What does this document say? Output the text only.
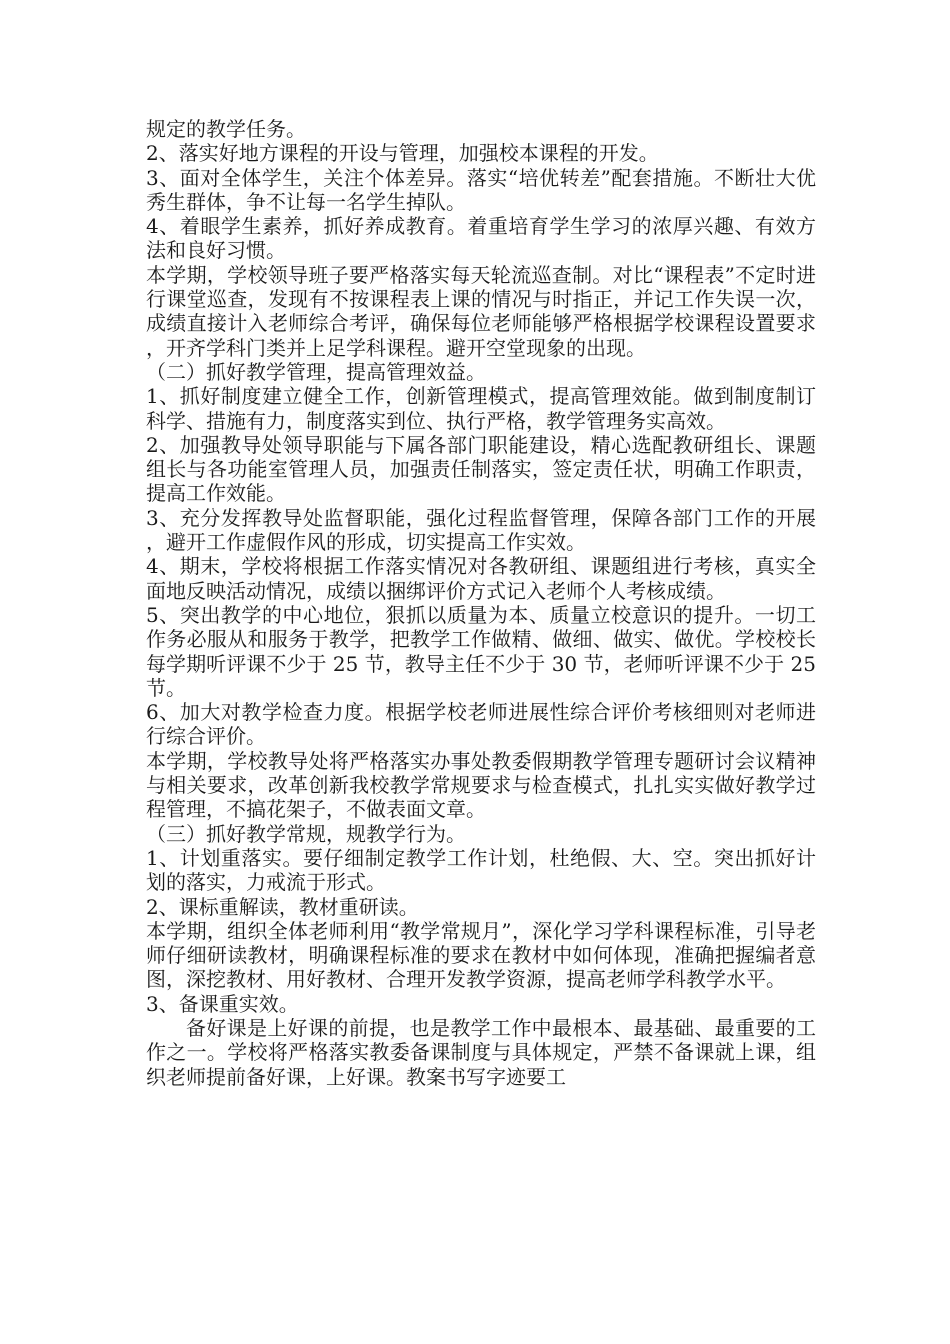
规定的教学任务。

2、落实好地方课程的开设与管理，加强校本课程的开发。

3、面对全体学生，关注个体差异。落实“培优转差”配套措施。不断壮大优秀生群体，争不让每一名学生掉队。

4、着眼学生素养，抓好养成教育。着重培育学生学习的浓厚兴趣、有效方法和良好习惯。

本学期，学校领导班子要严格落实每天轮流巡查制。对比“课程表”不定时进行课堂巡查，发现有不按课程表上课的情况与时指正，并记工作失误一次，成绩直接计入老师综合考评，确保每位老师能够严格根据学校课程设置要求，开齐学科门类并上足学科课程。避开空堂现象的出现。

（二）抓好教学管理，提高管理效益。

1、抓好制度建立健全工作，创新管理模式，提高管理效能。做到制度制订科学、措施有力，制度落实到位、执行严格，教学管理务实高效。

2、加强教导处领导职能与下属各部门职能建设，精心选配教研组长、课题组长与各功能室管理人员，加强责任制落实，签定责任状，明确工作职责，提高工作效能。

3、充分发挥教导处监督职能，强化过程监督管理，保障各部门工作的开展，避开工作虚假作风的形成，切实提高工作实效。

4、期末，学校将根据工作落实情况对各教研组、课题组进行考核，真实全面地反映活动情况，成绩以捆绑评价方式记入老师个人考核成绩。

5、突出教学的中心地位，狠抓以质量为本、质量立校意识的提升。一切工作务必服从和服务于教学，把教学工作做精、做细、做实、做优。学校校长每学期听评课不少于 25 节，教导主任不少于 30 节，老师听评课不少于 25 节。

6、加大对教学检查力度。根据学校老师进展性综合评价考核细则对老师进行综合评价。

本学期，学校教导处将严格落实办事处教委假期教学管理专题研讨会议精神与相关要求，改革创新我校教学常规要求与检查模式，扎扎实实做好教学过程管理，不搞花架子，不做表面文章。

（三）抓好教学常规，规教学行为。

1、计划重落实。要仔细制定教学工作计划，杜绝假、大、空。突出抓好计划的落实，力戒流于形式。

2、课标重解读，教材重研读。

本学期，组织全体老师利用“教学常规月”，深化学习学科课程标准，引导老师仔细研读教材，明确课程标准的要求在教材中如何体现，准确把握编者意图，深挖教材、用好教材、合理开发教学资源，提高老师学科教学水平。

3、备课重实效。

备好课是上好课的前提，也是教学工作中最根本、最基础、最重要的工作之一。学校将严格落实教委备课制度与具体规定，严禁不备课就上课，组织老师提前备好课，上好课。教案书写字迹要工
